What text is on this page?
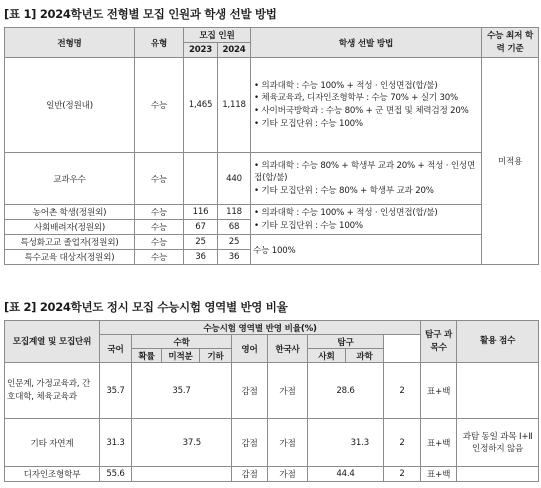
[표 1] 2024학년도 전형별 모집 인원과 학생 선발 방법
전형명	유형	모집 인원		학생 선발 방법	수능 최저 학력 기준
		2023	2024		
일반(정원내)	수능	1,465	1,118	• 의과대학 : 수능 100% + 적성 · 인성면접(합/불)
• 체육교육과, 디자인조형학부 : 수능 70% + 실기 30%
• 사이버국방학과 : 수능 80% + 군 면접 및 체력검정 20%
• 기타 모집단위 : 수능 100%	미적용
교과우수	수능		440	• 의과대학 : 수능 80% + 학생부 교과 20% + 적성 · 인성면접(합/불)
• 기타 모집단위 : 수능 80% + 학생부 교과 20%	

농어촌 학생(정원외)	수능	116	118	• 의과대학 : 수능 100% + 적성 · 인성면접(합/불)
• 기타 모집단위 : 수능 100%	

사회배려자(정원외)	수능	67	68		
특성화고교 졸업자(정원외)	수능	25	25	수능 100%	
특수교육 대상자(정원외)	수능	36	36		
[표 2] 2024학년도 정시 모집 수능시험 영역별 반영 비율
모집계열 및 모집단위	수능시험 영역별 반영 비율(%)									탐구 과목수	활용 점수	
	국어	수학			영어	한국사	탐구					
		확률	미적분	기하			사회	과학				
인문계, 가정교육과, 간호대학, 체육교육과	35.7	35.7			감점	가점	28.6		2	표+백		
기타 자연계	31.3	37.5			감점	가점	31.3		2	표+백	과탐 동일 과목 Ⅰ+Ⅱ 인정하지 않음	
디자인조형학부	55.6				감점	가점	44.4		2	표+백		
